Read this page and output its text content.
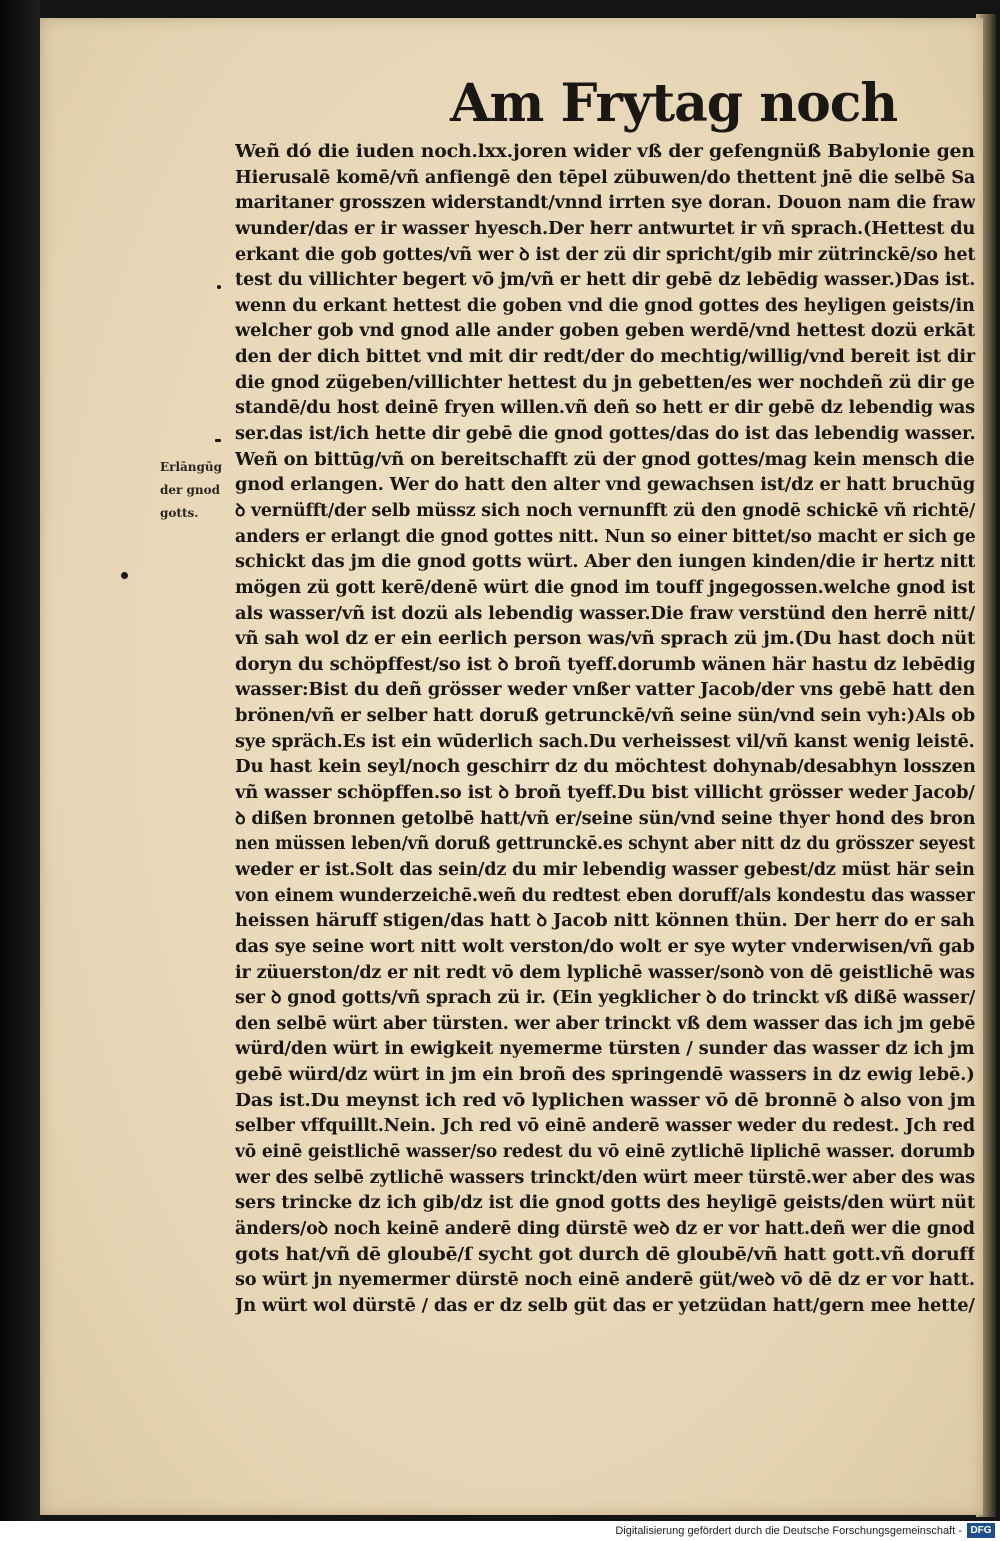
Am Frytag noch
Weñ dó die iuden noch.lxx.joren wider vß der gefengnüß Babylonie gen
Hierusalē komē/vñ anfiengē den tēpel zübuwen/do thettent jnē die selbē Sa
maritaner grosszen widerstandt/vnnd irrten sye doran. Douon nam die fraw
wunder/das er ir wasser hyesch.Der herr antwurtet ir vñ sprach.(Hettest du
erkant die gob gottes/vñ wer ꝺ ist der zü dir spricht/gib mir zütrinckē/so het
test du villichter begert vō jm/vñ er hett dir gebē dz lebēdig wasser.)Das ist.
wenn du erkant hettest die goben vnd die gnod gottes des heyligen geists/in
welcher gob vnd gnod alle ander goben geben werdē/vnd hettest dozü erkāt
den der dich bittet vnd mit dir redt/der do mechtig/willig/vnd bereit ist dir
die gnod zügeben/villichter hettest du jn gebetten/es wer nochdeñ zü dir ge
standē/du host deinē fryen willen.vñ deñ so hett er dir gebē dz lebendig was
ser.das ist/ich hette dir gebē die gnod gottes/das do ist das lebendig wasser.
Weñ on bittūg/vñ on bereitschafft zü der gnod gottes/mag kein mensch die
gnod erlangen. Wer do hatt den alter vnd gewachsen ist/dz er hatt bruchūg
ꝺ vernüfft/der selb müssz sich noch vernunfft zü den gnodē schickē vñ richtē/
anders er erlangt die gnod gottes nitt. Nun so einer bittet/so macht er sich ge
schickt das jm die gnod gotts würt. Aber den iungen kinden/die ir hertz nitt
mögen zü gott kerē/denē würt die gnod im touff jngegossen.welche gnod ist
als wasser/vñ ist dozü als lebendig wasser.Die fraw verstünd den herrē nitt/
vñ sah wol dz er ein eerlich person was/vñ sprach zü jm.(Du hast doch nüt
doryn du schöpffest/so ist ꝺ broñ tyeff.dorumb wänen här hastu dz lebēdig
wasser:Bist du deñ grösser weder vnßer vatter Jacob/der vns gebē hatt den
brönen/vñ er selber hatt doruß getrunckē/vñ seine sün/vnd sein vyh:)Als ob
sye spräch.Es ist ein wūderlich sach.Du verheissest vil/vñ kanst wenig leistē.
Du hast kein seyl/noch geschirr dz du möchtest dohynab/desabhyn losszen
vñ wasser schöpffen.so ist ꝺ broñ tyeff.Du bist villicht grösser weder Jacob/
ꝺ dißen bronnen getolbē hatt/vñ er/seine sün/vnd seine thyer hond des bron
nen müssen leben/vñ doruß gettrunckē.es schynt aber nitt dz du grösszer seyest
weder er ist.Solt das sein/dz du mir lebendig wasser gebest/dz müst här sein
von einem wunderzeichē.weñ du redtest eben doruff/als kondestu das wasser
heissen häruff stigen/das hatt ꝺ Jacob nitt können thün. Der herr do er sah
das sye seine wort nitt wolt verston/do wolt er sye wyter vnderwisen/vñ gab
ir züuerston/dz er nit redt vō dem lyplichē wasser/sonꝺ von dē geistlichē was
ser ꝺ gnod gotts/vñ sprach zü ir. (Ein yegklicher ꝺ do trinckt vß dißē wasser/
den selbē würt aber türsten. wer aber trinckt vß dem wasser das ich jm gebē
würd/den würt in ewigkeit nyemerme türsten / sunder das wasser dz ich jm
gebē würd/dz würt in jm ein broñ des springendē wassers in dz ewig lebē.)
Das ist.Du meynst ich red vō lyplichen wasser vō dē bronnē ꝺ also von jm
selber vffquillt.Nein. Jch red vō einē anderē wasser weder du redest. Jch red
vō einē geistlichē wasser/so redest du vō einē zytlichē liplichē wasser. dorumb
wer des selbē zytlichē wassers trinckt/den würt meer türstē.wer aber des was
sers trincke dz ich gib/dz ist die gnod gotts des heyligē geists/den würt nüt
änders/oꝺ noch keinē anderē ding dürstē weꝺ dz er vor hatt.deñ wer die gnod
gots hat/vñ dē gloubē/ſ sycht got durch dē gloubē/vñ hatt gott.vñ doruff
so würt jn nyemermer dürstē noch einē anderē güt/weꝺ vō dē dz er vor hatt.
Jn würt wol dürstē / das er dz selb güt das er yetzüdan hatt/gern mee hette/
Erlāngūg
der gnod
gotts.
Digitalisierung gefördert durch die Deutsche Forschungsgemeinschaft - DFG
